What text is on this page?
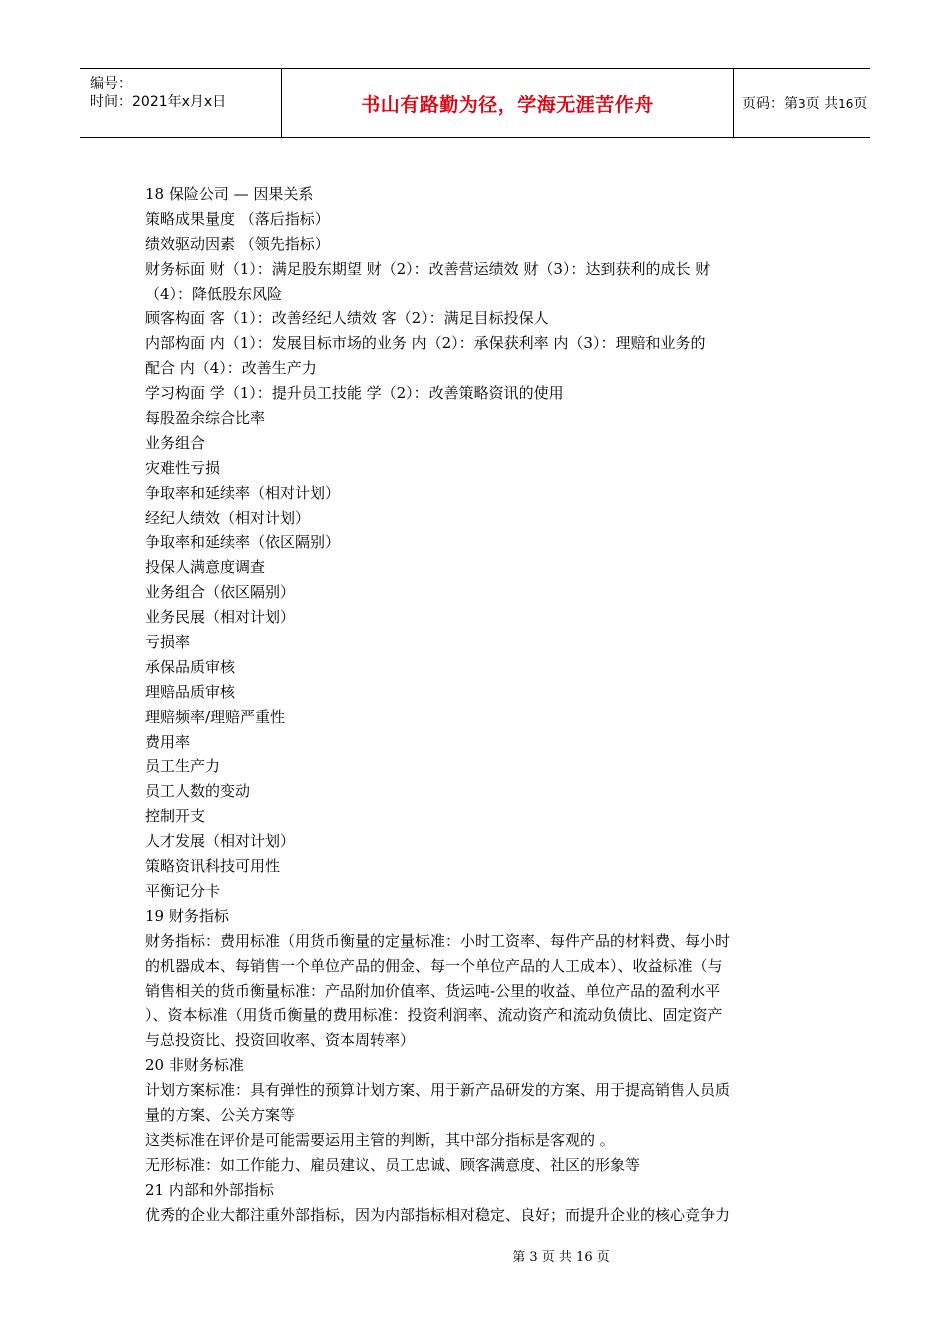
编号：
时间：2021年x月x日	书山有路勤为径，学海无涯苦作舟	页码：第3页 共16页
18 保险公司 — 因果关系
策略成果量度 （落后指标）
绩效驱动因素 （领先指标）
财务标面 财（1）：满足股东期望 财（2）：改善营运绩效 财（3）：达到获利的成长 财
（4）：降低股东风险
顾客构面 客（1）：改善经纪人绩效 客（2）：满足目标投保人
内部构面 内（1）：发展目标市场的业务 内（2）：承保获利率 内（3）：理赔和业务的
配合 内（4）：改善生产力
学习构面 学（1）：提升员工技能 学（2）：改善策略资讯的使用
每股盈余综合比率
业务组合
灾难性亏损
争取率和延续率（相对计划）
经纪人绩效（相对计划）
争取率和延续率（依区隔别）
投保人满意度调查
业务组合（依区隔别）
业务民展（相对计划）
亏损率
承保品质审核
理赔品质审核
理赔频率/理赔严重性
费用率
员工生产力
员工人数的变动
控制开支
人才发展（相对计划）
策略资讯科技可用性
平衡记分卡
19 财务指标
财务指标：费用标准（用货币衡量的定量标准：小时工资率、每件产品的材料费、每小时
的机器成本、每销售一个单位产品的佣金、每一个单位产品的人工成本）、收益标准（与
销售相关的货币衡量标准：产品附加价值率、货运吨-公里的收益、单位产品的盈利水平
）、资本标准（用货币衡量的费用标准：投资利润率、流动资产和流动负债比、固定资产
与总投资比、投资回收率、资本周转率）
20 非财务标准
计划方案标准：具有弹性的预算计划方案、用于新产品研发的方案、用于提高销售人员质
量的方案、公关方案等
这类标准在评价是可能需要运用主管的判断，其中部分指标是客观的 。
无形标准：如工作能力、雇员建议、员工忠诚、顾客满意度、社区的形象等
21 内部和外部指标
优秀的企业大都注重外部指标，因为内部指标相对稳定、良好；而提升企业的核心竞争力
第 3 页 共 16 页
